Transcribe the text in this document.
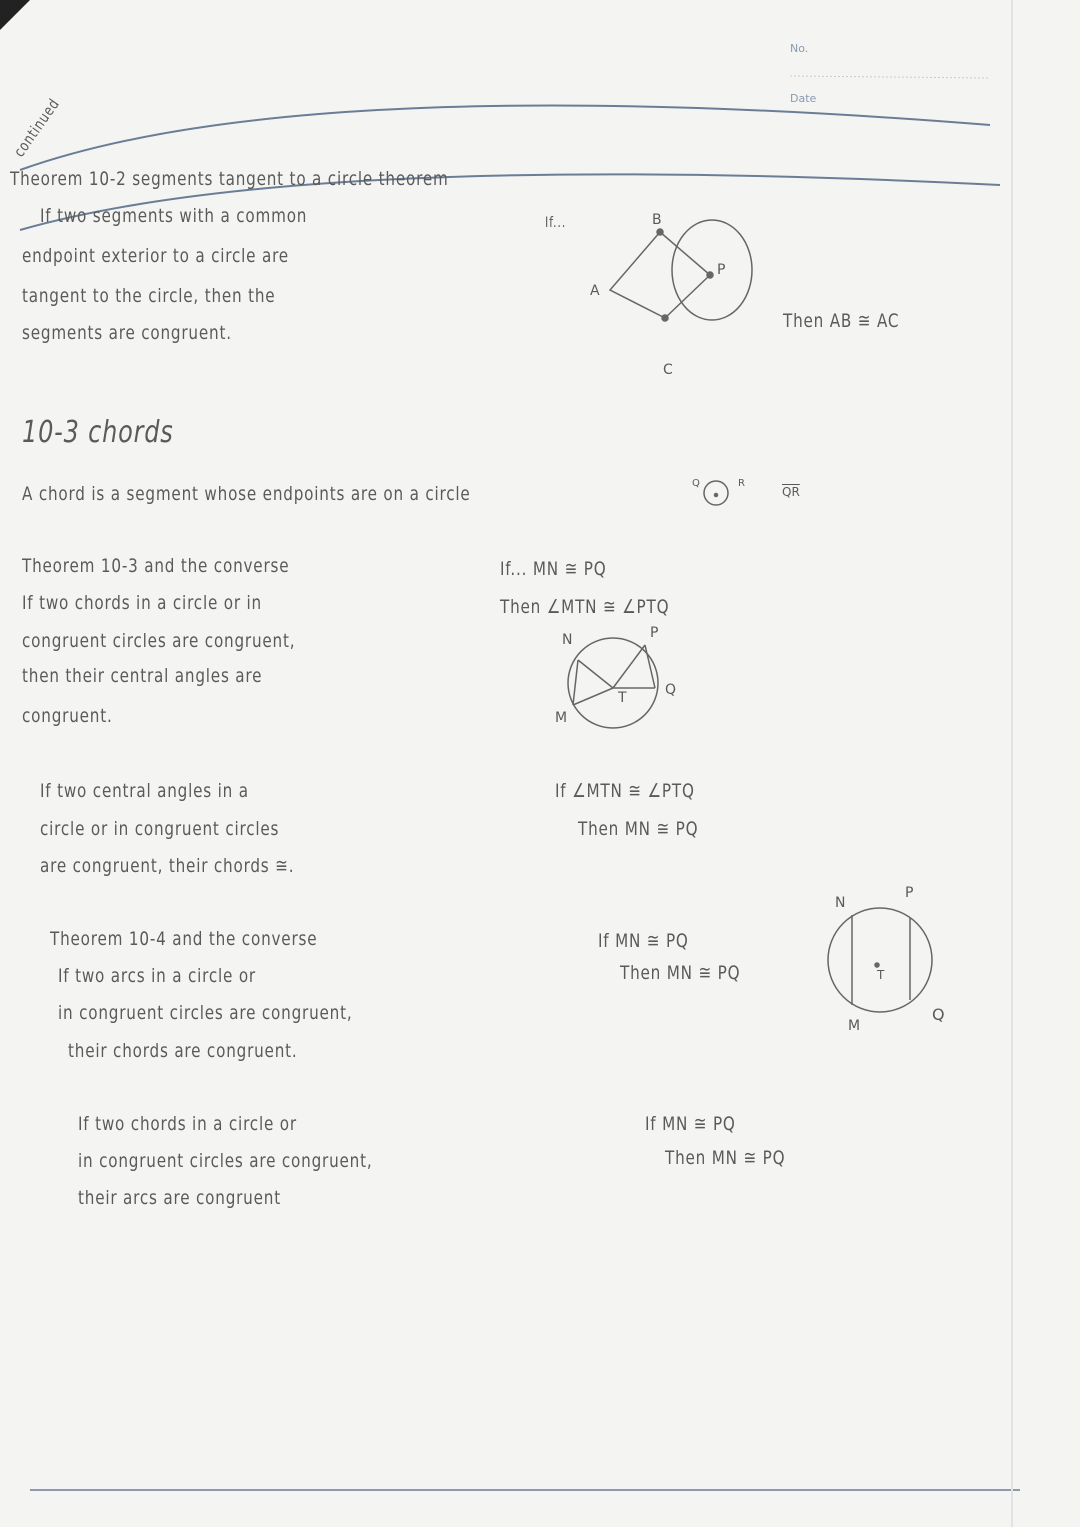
No.
Date
continued
Theorem 10-2 segments tangent to a circle theorem
If two segments with a common
endpoint exterior to a circle are
tangent to the circle, then the
segments are congruent.
If...	B
A
P
C
Then AB ≅ AC
10-3 chords
A chord is a segment whose endpoints are on a circle	Q	R
$\overline{QR}$
Theorem 10-3 and the converse
If two chords in a circle or in
congruent circles are congruent,
then their central angles are
congruent.
If... MN ≅ PQ
Then ∠MTN ≅ ∠PTQ
N	P
T	Q
M
If two central angles in a
circle or in congruent circles
are congruent, their chords ≅.
If ∠MTN ≅ ∠PTQ
Then MN ≅ PQ
Theorem 10-4 and the converse
If two arcs in a circle or
in congruent circles are congruent,
their chords are congruent.
If MN ≅ PQ
Then MN ≅ PQ
N
P
T
M
Q
If two chords in a circle or
in congruent circles are congruent,
their arcs are congruent
If MN ≅ PQ
Then MN ≅ PQ
